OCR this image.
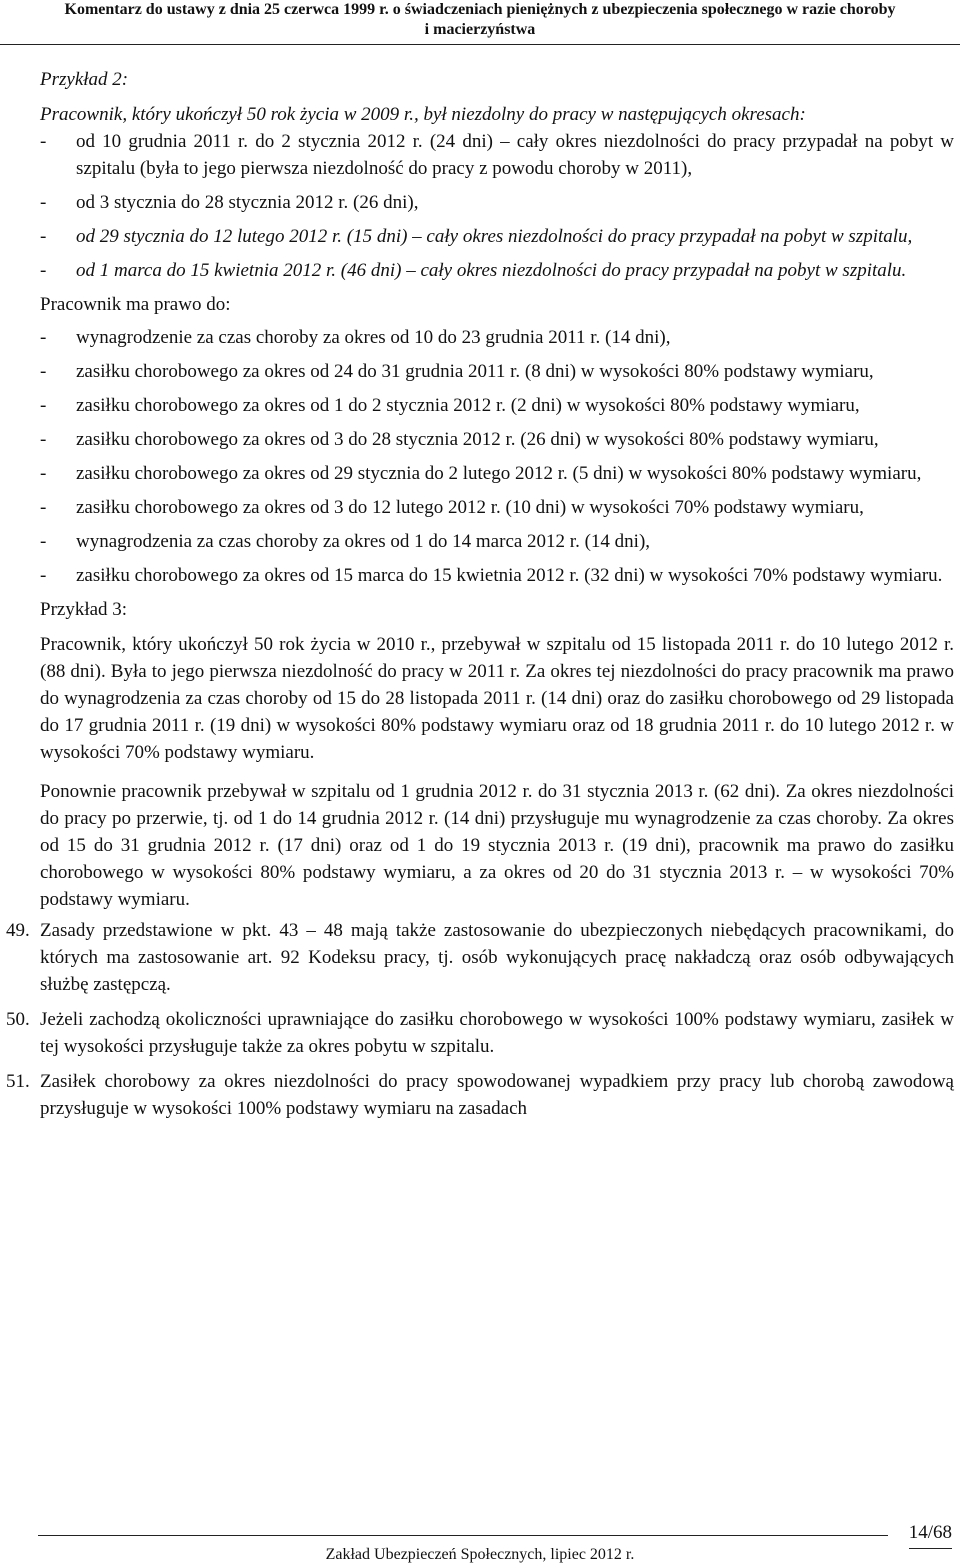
Komentarz do ustawy z dnia 25 czerwca 1999 r. o świadczeniach pieniężnych z ubezpieczenia społecznego w razie choroby
i macierzyństwa

Przykład 2:

Pracownik, który ukończył 50 rok życia w 2009 r., był niezdolny do pracy w następujących okresach:

- od 10 grudnia 2011 r. do 2 stycznia 2012 r. (24 dni) – cały okres niezdolności do pracy przypadał na pobyt w szpitalu (była to jego pierwsza niezdolność do pracy z powodu choroby w 2011),
- od 3 stycznia do 28 stycznia 2012 r. (26 dni),
- od 29 stycznia do 12 lutego 2012 r. (15 dni) – cały okres niezdolności do pracy przypadał na pobyt w szpitalu,
- od 1 marca do 15 kwietnia 2012 r. (46 dni) – cały okres niezdolności do pracy przypadał na pobyt w szpitalu.

Pracownik ma prawo do:

- wynagrodzenie za czas choroby za okres od 10 do 23 grudnia 2011 r. (14 dni),
- zasiłku chorobowego za okres od 24 do 31 grudnia 2011 r. (8 dni) w wysokości 80% podstawy wymiaru,
- zasiłku chorobowego za okres od 1 do 2 stycznia 2012 r. (2 dni) w wysokości 80% podstawy wymiaru,
- zasiłku chorobowego za okres od 3 do 28 stycznia 2012 r. (26 dni) w wysokości 80% podstawy wymiaru,
- zasiłku chorobowego za okres od 29 stycznia do 2 lutego 2012 r. (5 dni) w wysokości 80% podstawy wymiaru,
- zasiłku chorobowego za okres od 3 do 12 lutego 2012 r. (10 dni) w wysokości 70% podstawy wymiaru,
- wynagrodzenia za czas choroby za okres od 1 do 14 marca 2012 r. (14 dni),
- zasiłku chorobowego za okres od 15 marca do 15 kwietnia 2012 r. (32 dni) w wysokości 70% podstawy wymiaru.

Przykład 3:

Pracownik, który ukończył 50 rok życia w 2010 r., przebywał w szpitalu od 15 listopada 2011 r. do 10 lutego 2012 r. (88 dni). Była to jego pierwsza niezdolność do pracy w 2011 r. Za okres tej niezdolności do pracy pracownik ma prawo do wynagrodzenia za czas choroby od 15 do 28 listopada 2011 r. (14 dni) oraz do zasiłku chorobowego od 29 listopada do 17 grudnia 2011 r. (19 dni) w wysokości 80% podstawy wymiaru oraz od 18 grudnia 2011 r. do 10 lutego 2012 r. w wysokości 70% podstawy wymiaru.

Ponownie pracownik przebywał w szpitalu od 1 grudnia 2012 r. do 31 stycznia 2013 r. (62 dni). Za okres niezdolności do pracy po przerwie, tj. od 1 do 14 grudnia 2012 r. (14 dni) przysługuje mu wynagrodzenie za czas choroby. Za okres od 15 do 31 grudnia 2012 r. (17 dni) oraz od 1 do 19 stycznia 2013 r. (19 dni), pracownik ma prawo do zasiłku chorobowego w wysokości 80% podstawy wymiaru, a za okres od 20 do 31 stycznia 2013 r. – w wysokości 70% podstawy wymiaru.

49. Zasady przedstawione w pkt. 43 – 48 mają także zastosowanie do ubezpieczonych niebędących pracownikami, do których ma zastosowanie art. 92 Kodeksu pracy, tj. osób wykonujących pracę nakładczą oraz osób odbywających służbę zastępczą.
50. Jeżeli zachodzą okoliczności uprawniające do zasiłku chorobowego w wysokości 100% podstawy wymiaru, zasiłek w tej wysokości przysługuje także za okres pobytu w szpitalu.
51. Zasiłek chorobowy za okres niezdolności do pracy spowodowanej wypadkiem przy pracy lub chorobą zawodową przysługuje w wysokości 100% podstawy wymiaru na zasadach
14/68
Zakład Ubezpieczeń Społecznych, lipiec 2012 r.
